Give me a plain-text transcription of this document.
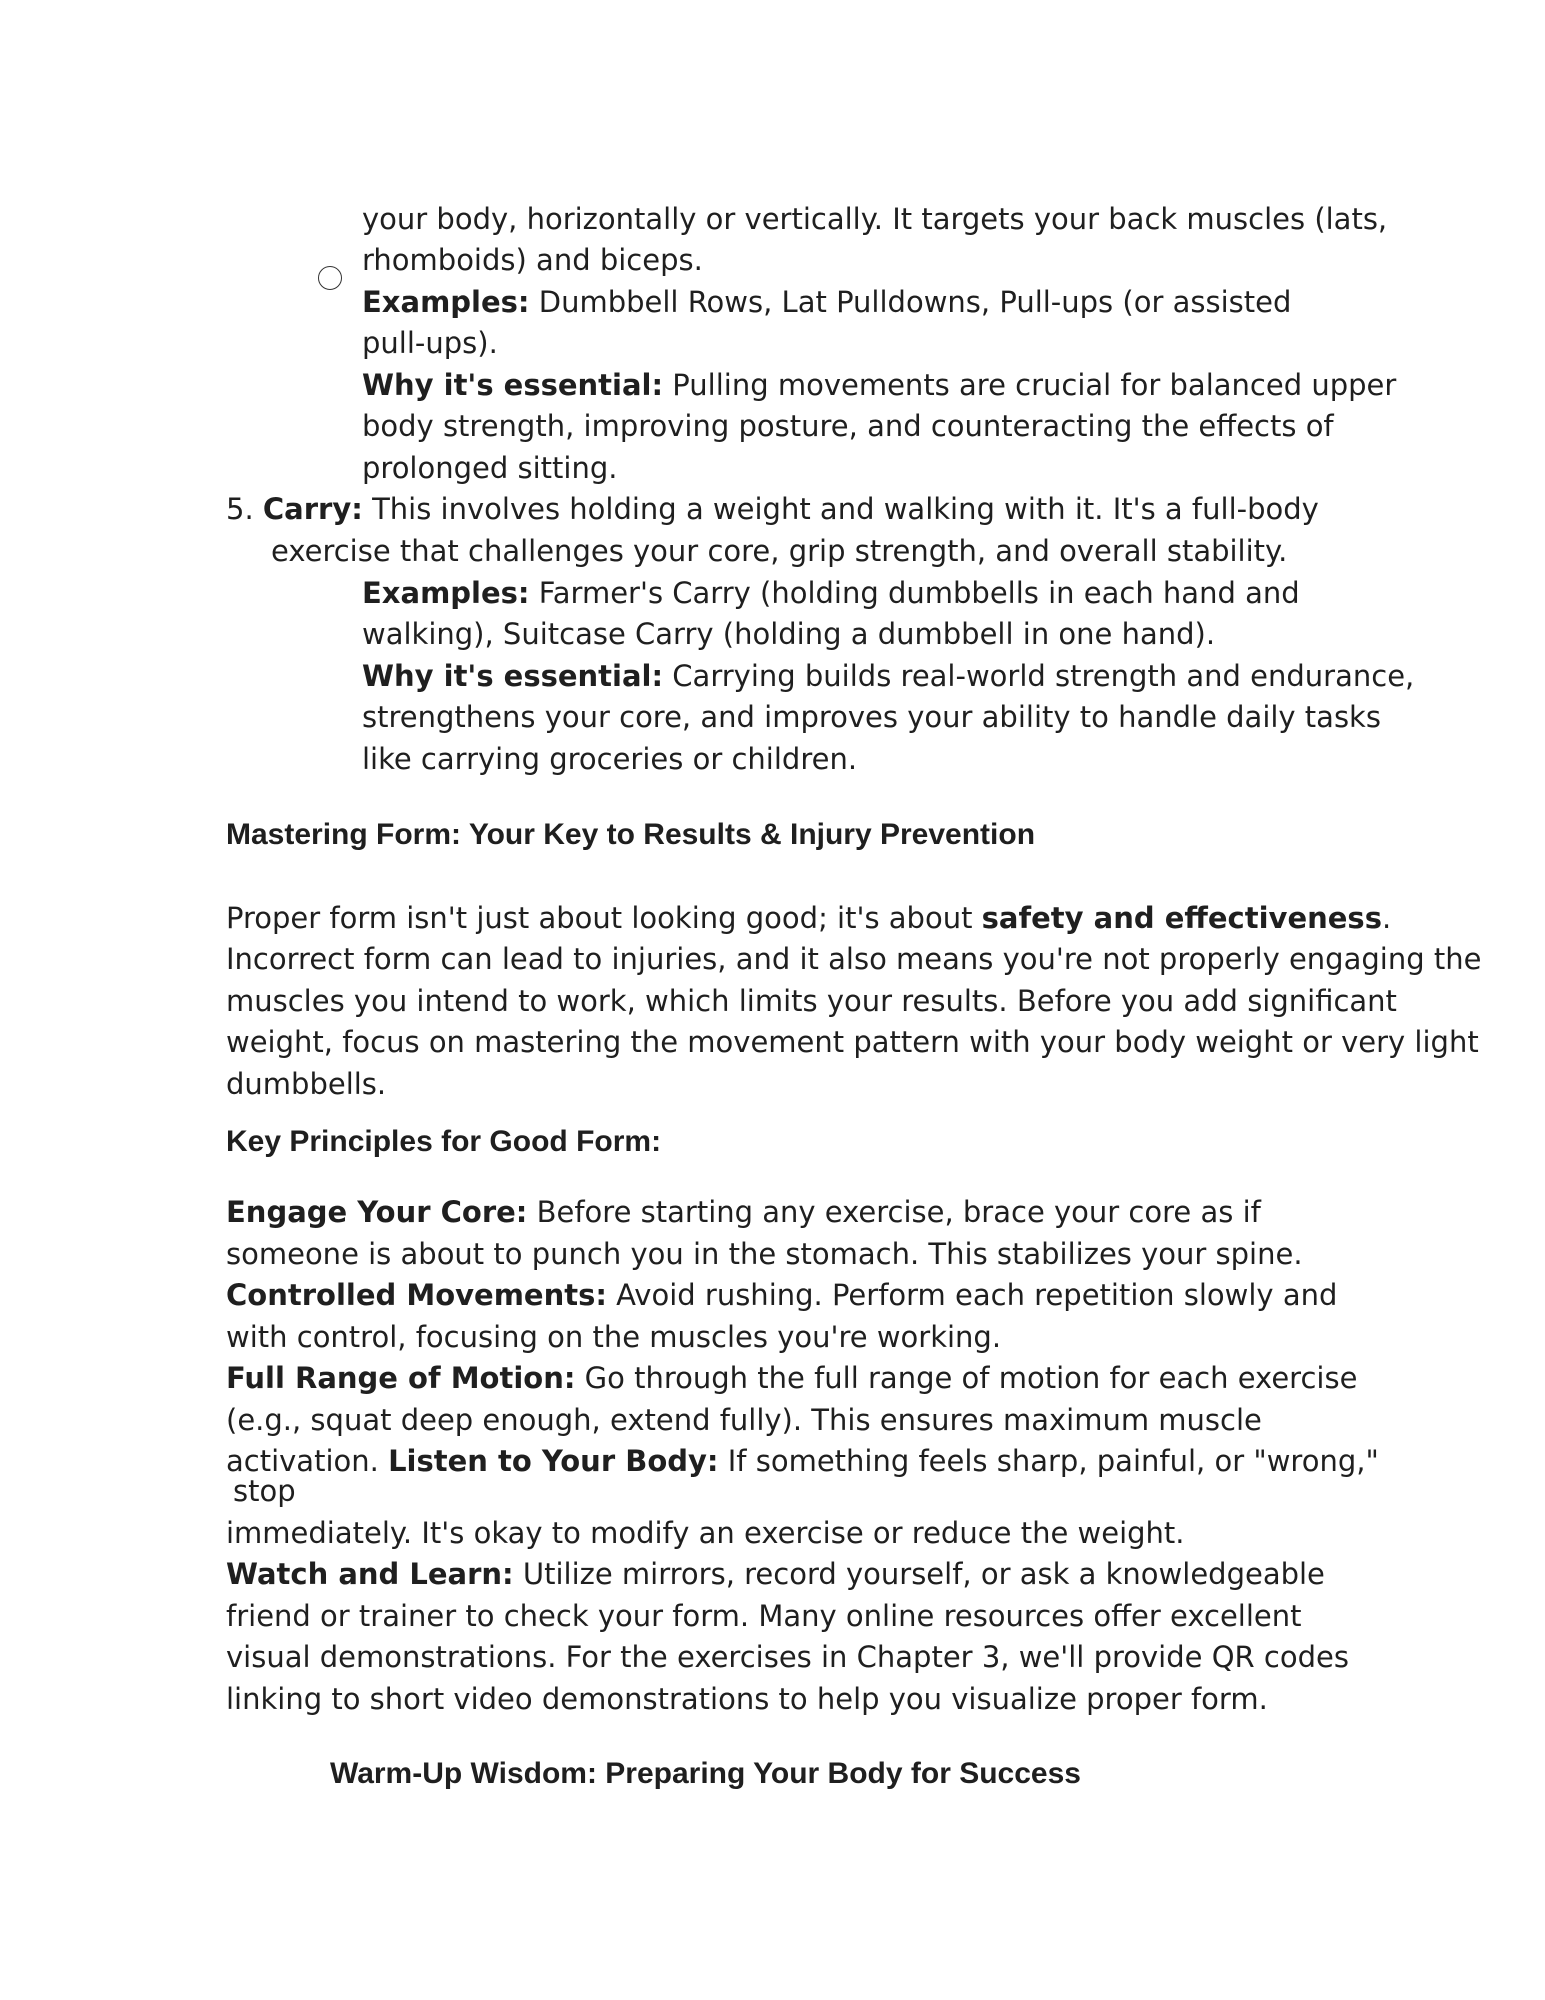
your body, horizontally or vertically. It targets your back muscles (lats,
rhomboids) and biceps.
Examples: Dumbbell Rows, Lat Pulldowns, Pull-ups (or assisted
pull-ups).
Why it's essential: Pulling movements are crucial for balanced upper
body strength, improving posture, and counteracting the effects of
prolonged sitting.
5. Carry: This involves holding a weight and walking with it. It's a full-body
exercise that challenges your core, grip strength, and overall stability.
Examples: Farmer's Carry (holding dumbbells in each hand and
walking), Suitcase Carry (holding a dumbbell in one hand).
Why it's essential: Carrying builds real-world strength and endurance,
strengthens your core, and improves your ability to handle daily tasks
like carrying groceries or children.
Mastering Form: Your Key to Results & Injury Prevention
Proper form isn't just about looking good; it's about safety and effectiveness.
Incorrect form can lead to injuries, and it also means you're not properly engaging the
muscles you intend to work, which limits your results. Before you add significant
weight, focus on mastering the movement pattern with your body weight or very light
dumbbells.
Key Principles for Good Form:
Engage Your Core: Before starting any exercise, brace your core as if
someone is about to punch you in the stomach. This stabilizes your spine.
Controlled Movements: Avoid rushing. Perform each repetition slowly and
with control, focusing on the muscles you're working.
Full Range of Motion: Go through the full range of motion for each exercise
(e.g., squat deep enough, extend fully). This ensures maximum muscle
activation. Listen to Your Body: If something feels sharp, painful, or "wrong,"
stop
immediately. It's okay to modify an exercise or reduce the weight.
Watch and Learn: Utilize mirrors, record yourself, or ask a knowledgeable
friend or trainer to check your form. Many online resources offer excellent
visual demonstrations. For the exercises in Chapter 3, we'll provide QR codes
linking to short video demonstrations to help you visualize proper form.
Warm-Up Wisdom: Preparing Your Body for Success
